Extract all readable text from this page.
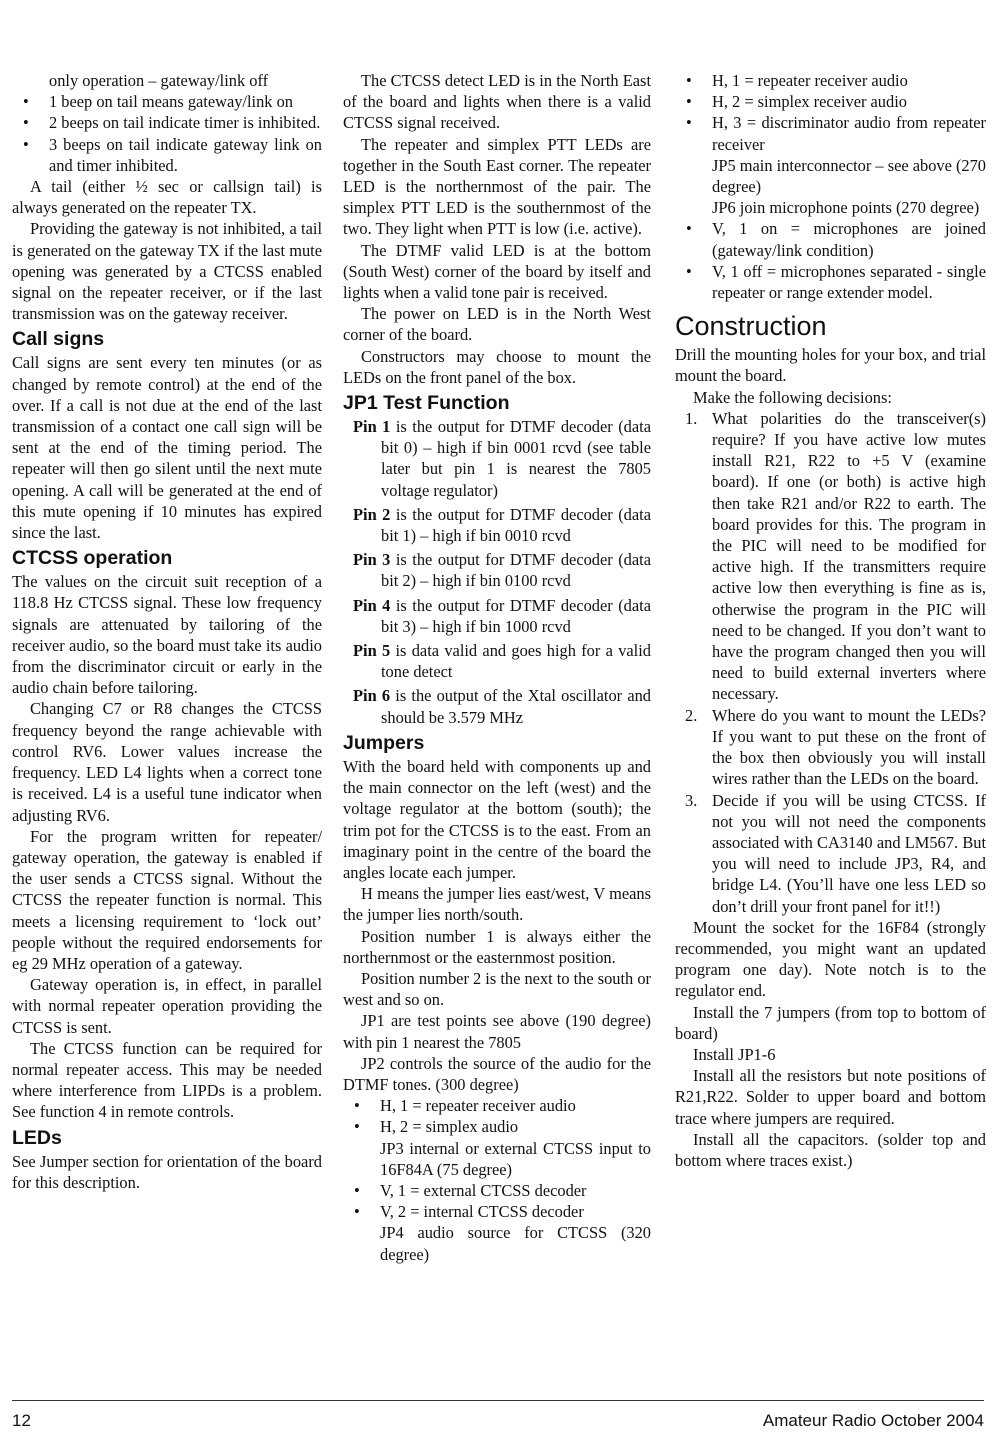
only operation – gateway/link off
• 1 beep on tail means gateway/link on
• 2 beeps on tail indicate timer is inhibited.
• 3 beeps on tail indicate gateway link on and timer inhibited.

A tail (either ½ sec or callsign tail) is always generated on the repeater TX.

Providing the gateway is not inhibited, a tail is generated on the gateway TX if the last mute opening was generated by a CTCSS enabled signal on the repeater receiver, or if the last transmission was on the gateway receiver.

Call signs

Call signs are sent every ten minutes (or as changed by remote control) at the end of the over. If a call is not due at the end of the last transmission of a contact one call sign will be sent at the end of the timing period. The repeater will then go silent until the next mute opening. A call will be generated at the end of this mute opening if 10 minutes has expired since the last.

CTCSS operation

The values on the circuit suit reception of a 118.8 Hz CTCSS signal. These low frequency signals are attenuated by tailoring of the receiver audio, so the board must take its audio from the discriminator circuit or early in the audio chain before tailoring.

Changing C7 or R8 changes the CTCSS frequency beyond the range achievable with control RV6. Lower values increase the frequency. LED L4 lights when a correct tone is received. L4 is a useful tune indicator when adjusting RV6.

For the program written for repeater/ gateway operation, the gateway is enabled if the user sends a CTCSS signal. Without the CTCSS the repeater function is normal. This meets a licensing requirement to ‘lock out’ people without the required endorsements for eg 29 MHz operation of a gateway.

Gateway operation is, in effect, in parallel with normal repeater operation providing the CTCSS is sent.

The CTCSS function can be required for normal repeater access. This may be needed where interference from LIPDs is a problem. See function 4 in remote controls.

LEDs

See Jumper section for orientation of the board for this description.

The CTCSS detect LED is in the North East of the board and lights when there is a valid CTCSS signal received.

The repeater and simplex PTT LEDs are together in the South East corner. The repeater LED is the northernmost of the pair. The simplex PTT LED is the southernmost of the two. They light when PTT is low (i.e. active).

The DTMF valid LED is at the bottom (South West) corner of the board by itself and lights when a valid tone pair is received.

The power on LED is in the North West corner of the board.

Constructors may choose to mount the LEDs on the front panel of the box.

JP1 Test Function
Pin 1 is the output for DTMF decoder (data bit 0) – high if bin 0001 rcvd (see table later but pin 1 is nearest the 7805 voltage regulator)
Pin 2 is the output for DTMF decoder (data bit 1) – high if bin 0010 rcvd
Pin 3 is the output for DTMF decoder (data bit 2) – high if bin 0100 rcvd
Pin 4 is the output for DTMF decoder (data bit 3) – high if bin 1000 rcvd
Pin 5 is data valid and goes high for a valid tone detect
Pin 6 is the output of the Xtal oscillator and should be 3.579 MHz
Jumpers

With the board held with components up and the main connector on the left (west) and the voltage regulator at the bottom (south); the trim pot for the CTCSS is to the east. From an imaginary point in the centre of the board the angles locate each jumper.

H means the jumper lies east/west, V means the jumper lies north/south.

Position number 1 is always either the northernmost or the easternmost position.

Position number 2 is the next to the south or west and so on.

JP1 are test points see above (190 degree) with pin 1 nearest the 7805

JP2 controls the source of the audio for the DTMF tones. (300 degree)

• H, 1 = repeater receiver audio
• H, 2 = simplex audio
JP3 internal or external CTCSS input to 16F84A (75 degree)
• V, 1 = external CTCSS decoder
• V, 2 = internal CTCSS decoder
JP4 audio source for CTCSS (320 degree)
• H, 1 = repeater receiver audio
• H, 2 = simplex receiver audio
• H, 3 = discriminator audio from repeater receiver
JP5 main interconnector – see above (270 degree)
JP6 join microphone points (270 degree)
• V, 1 on = microphones are joined (gateway/link condition)
• V, 1 off = microphones separated - single repeater or range extender model.
Construction

Drill the mounting holes for your box, and trial mount the board.

Make the following decisions:

1. What polarities do the transceiver(s) require? If you have active low mutes install R21, R22 to +5 V (examine board). If one (or both) is active high then take R21 and/or R22 to earth. The board provides for this. The program in the PIC will need to be modified for active high. If the transmitters require active low then everything is fine as is, otherwise the program in the PIC will need to be changed. If you don’t want to have the program changed then you will need to build external inverters where necessary.
2. Where do you want to mount the LEDs? If you want to put these on the front of the box then obviously you will install wires rather than the LEDs on the board.
3. Decide if you will be using CTCSS. If not you will not need the components associated with CA3140 and LM567. But you will need to include JP3, R4, and bridge L4. (You’ll have one less LED so don’t drill your front panel for it!!)

Mount the socket for the 16F84 (strongly recommended, you might want an updated program one day). Note notch is to the regulator end.

Install the 7 jumpers (from top to bottom of board)

Install JP1-6

Install all the resistors but note positions of R21,R22. Solder to upper board and bottom trace where jumpers are required.

Install all the capacitors. (solder top and bottom where traces exist.)

12	Amateur Radio October 2004
